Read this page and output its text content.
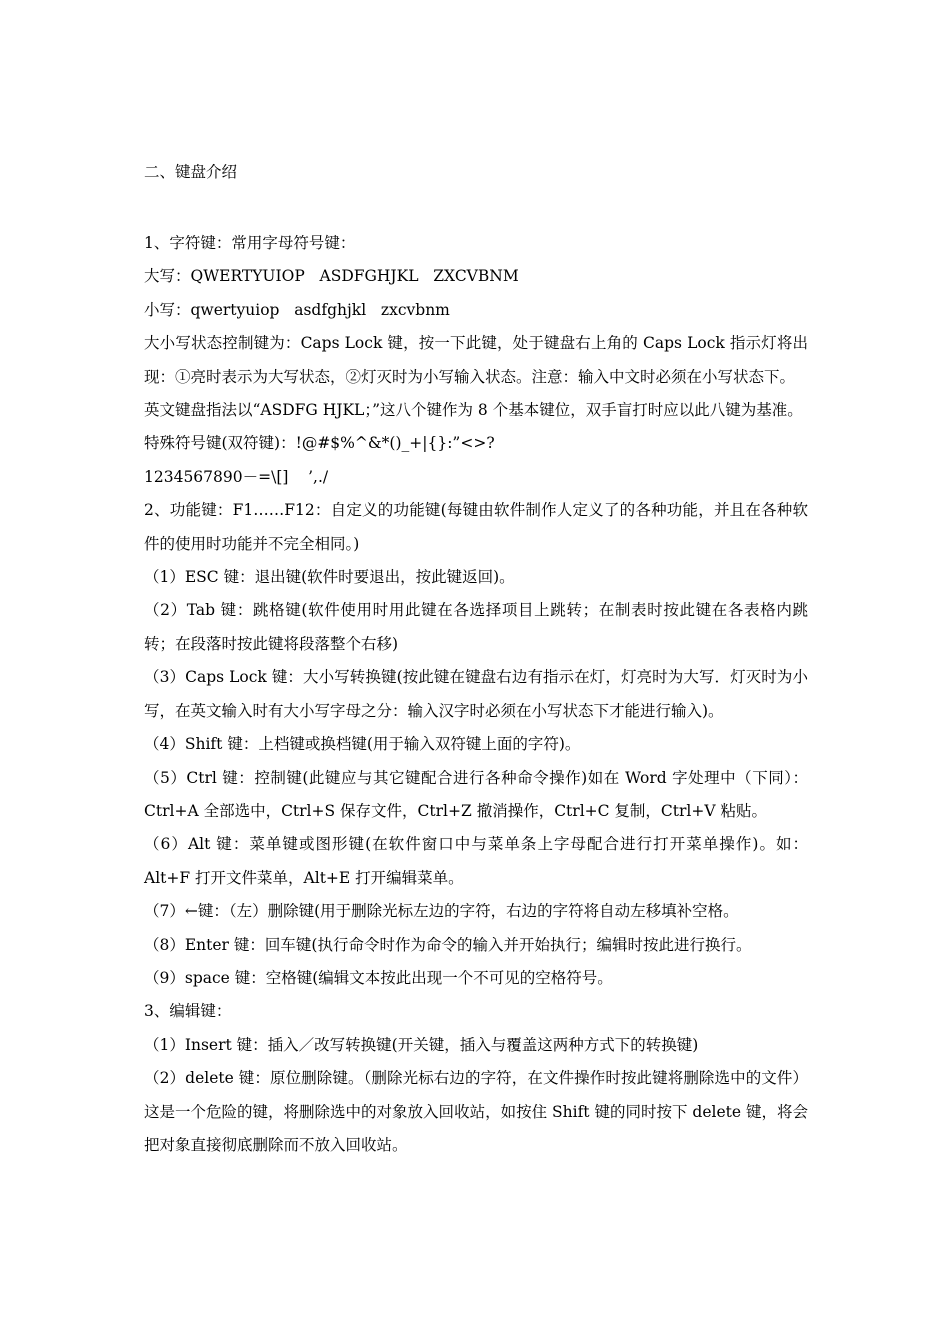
二、键盘介绍

1、字符键：常用字母符号键：

大写：QWERTYUIOP   ASDFGHJKL   ZXCVBNM

小写：qwertyuiop   asdfghjkl   zxcvbnm

大小写状态控制键为：Caps Lock 键，按一下此键，处于键盘右上角的 Caps Lock 指示灯将出现：①亮时表示为大写状态，②灯灭时为小写输入状态。注意：输入中文时必须在小写状态下。

英文键盘指法以“ASDFG HJKL；”这八个键作为 8 个基本键位，双手盲打时应以此八键为基准。

特殊符号键(双符键)：!@#$%^&*()_+|{}:”<>?

1234567890－=\[]    ’,./

2、功能键：F1……F12：自定义的功能键(每键由软件制作人定义了的各种功能，并且在各种软件的使用时功能并不完全相同。)

（1）ESC 键：退出键(软件时要退出，按此键返回)。

（2）Tab 键：跳格键(软件使用时用此键在各选择项目上跳转；在制表时按此键在各表格内跳转；在段落时按此键将段落整个右移)

（3）Caps Lock 键：大小写转换键(按此键在键盘右边有指示在灯，灯亮时为大写．灯灭时为小写，在英文输入时有大小写字母之分：输入汉字时必须在小写状态下才能进行输入)。

（4）Shift 键：上档键或换档键(用于输入双符键上面的字符)。

（5）Ctrl 键：控制键(此键应与其它键配合进行各种命令操作)如在 Word 字处理中（下同）：Ctrl+A 全部选中，Ctrl+S 保存文件，Ctrl+Z 撤消操作，Ctrl+C 复制，Ctrl+V 粘贴。

（6）Alt 键：菜单键或图形键(在软件窗口中与菜单条上字母配合进行打开菜单操作)。如：Alt+F 打开文件菜单，Alt+E 打开编辑菜单。

（7）←键：（左）删除键(用于删除光标左边的字符，右边的字符将自动左移填补空格。

（8）Enter 键：回车键(执行命令时作为命令的输入并开始执行；编辑时按此进行换行。

（9）space 键：空格键(编辑文本按此出现一个不可见的空格符号。

3、编辑键：

（1）Insert 键：插入／改写转换键(开关键，插入与覆盖这两种方式下的转换键)

（2）delete 键：原位删除键。（删除光标右边的字符，在文件操作时按此键将删除选中的文件）这是一个危险的键，将删除选中的对象放入回收站，如按住 Shift 键的同时按下 delete 键，将会把对象直接彻底删除而不放入回收站。
